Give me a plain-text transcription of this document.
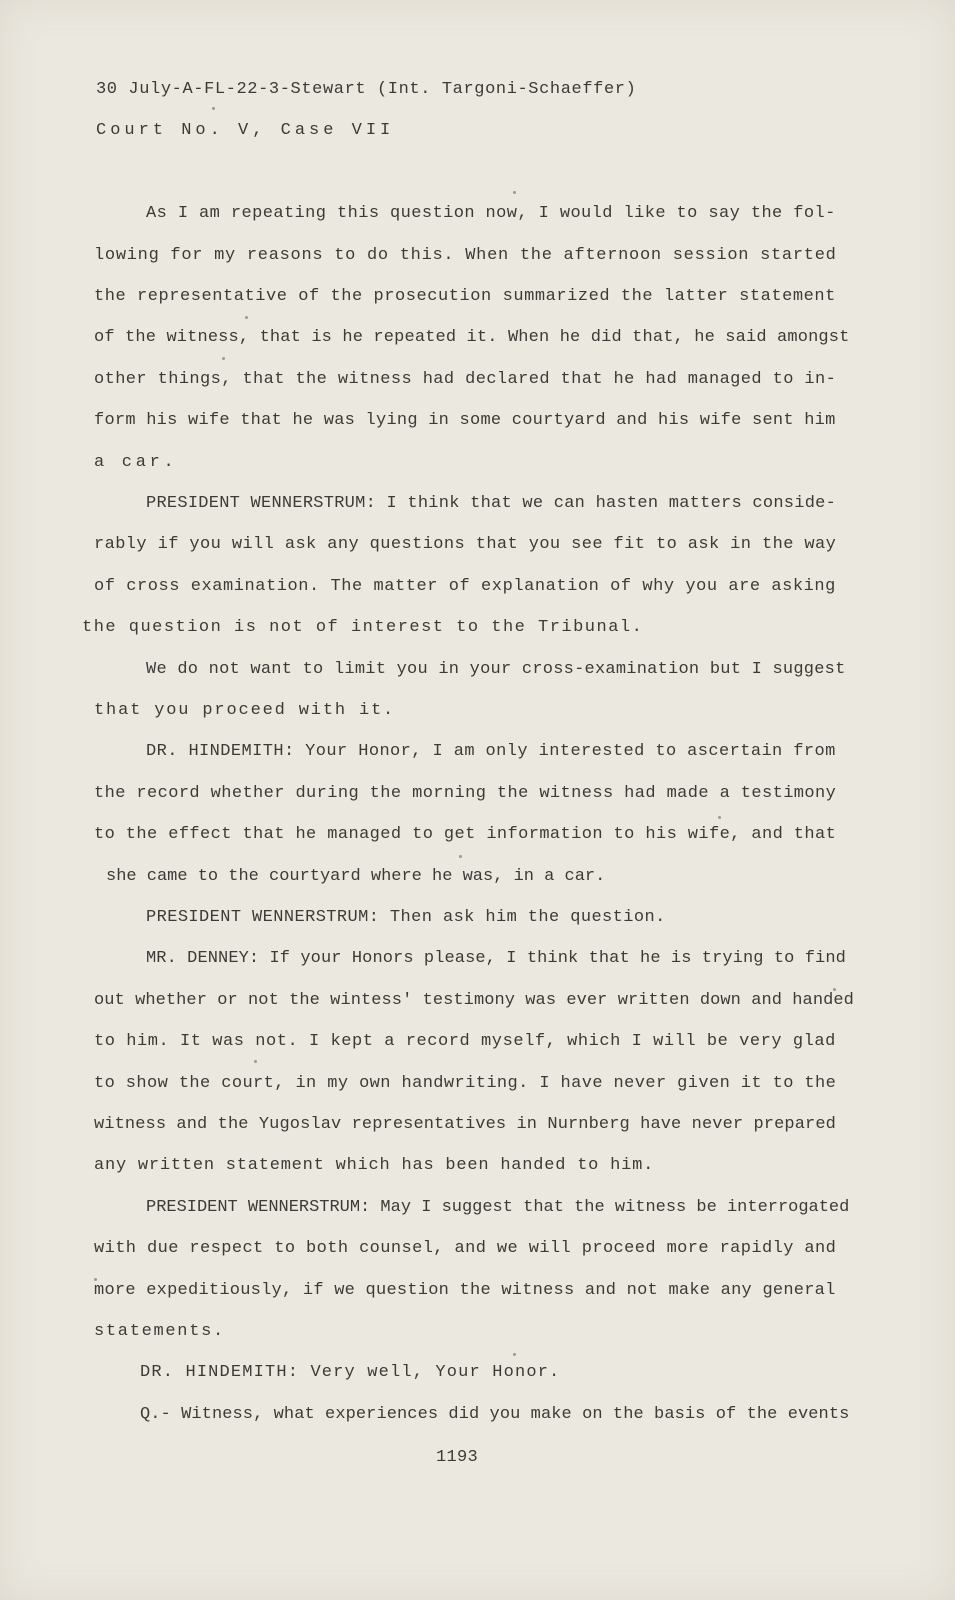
30 July-A-FL-22-3-Stewart (Int. Targoni-Schaeffer)
Court No. V, Case VII
As I am repeating this question now, I would like to say the fol-
lowing for my reasons to do this. When the afternoon session started
the representative of the prosecution summarized the latter statement
of the witness, that is he repeated it. When he did that, he said amongst
other things, that the witness had declared that he had managed to in-
form his wife that he was lying in some courtyard and his wife sent him
a car.
PRESIDENT WENNERSTRUM: I think that we can hasten matters conside-
rably if you will ask any questions that you see fit to ask in the way
of cross examination. The matter of explanation of why you are asking
the question is not of interest to the Tribunal.
We do not want to limit you in your cross-examination but I suggest
that you proceed with it.
DR. HINDEMITH: Your Honor, I am only interested to ascertain from
the record whether during the morning the witness had made a testimony
to the effect that he managed to get information to his wife, and that
she came to the courtyard where he was, in a car.
PRESIDENT WENNERSTRUM: Then ask him the question.
MR. DENNEY: If your Honors please, I think that he is trying to find
out whether or not the wintess' testimony was ever written down and handed
to him. It was not. I kept a record myself, which I will be very glad
to show the court, in my own handwriting. I have never given it to the
witness and the Yugoslav representatives in Nurnberg have never prepared
any written statement which has been handed to him.
PRESIDENT WENNERSTRUM: May I suggest that the witness be interrogated
with due respect to both counsel, and we will proceed more rapidly and
more expeditiously, if we question the witness and not make any general
statements.
DR. HINDEMITH: Very well, Your Honor.
Q.- Witness, what experiences did you make on the basis of the events
1193
